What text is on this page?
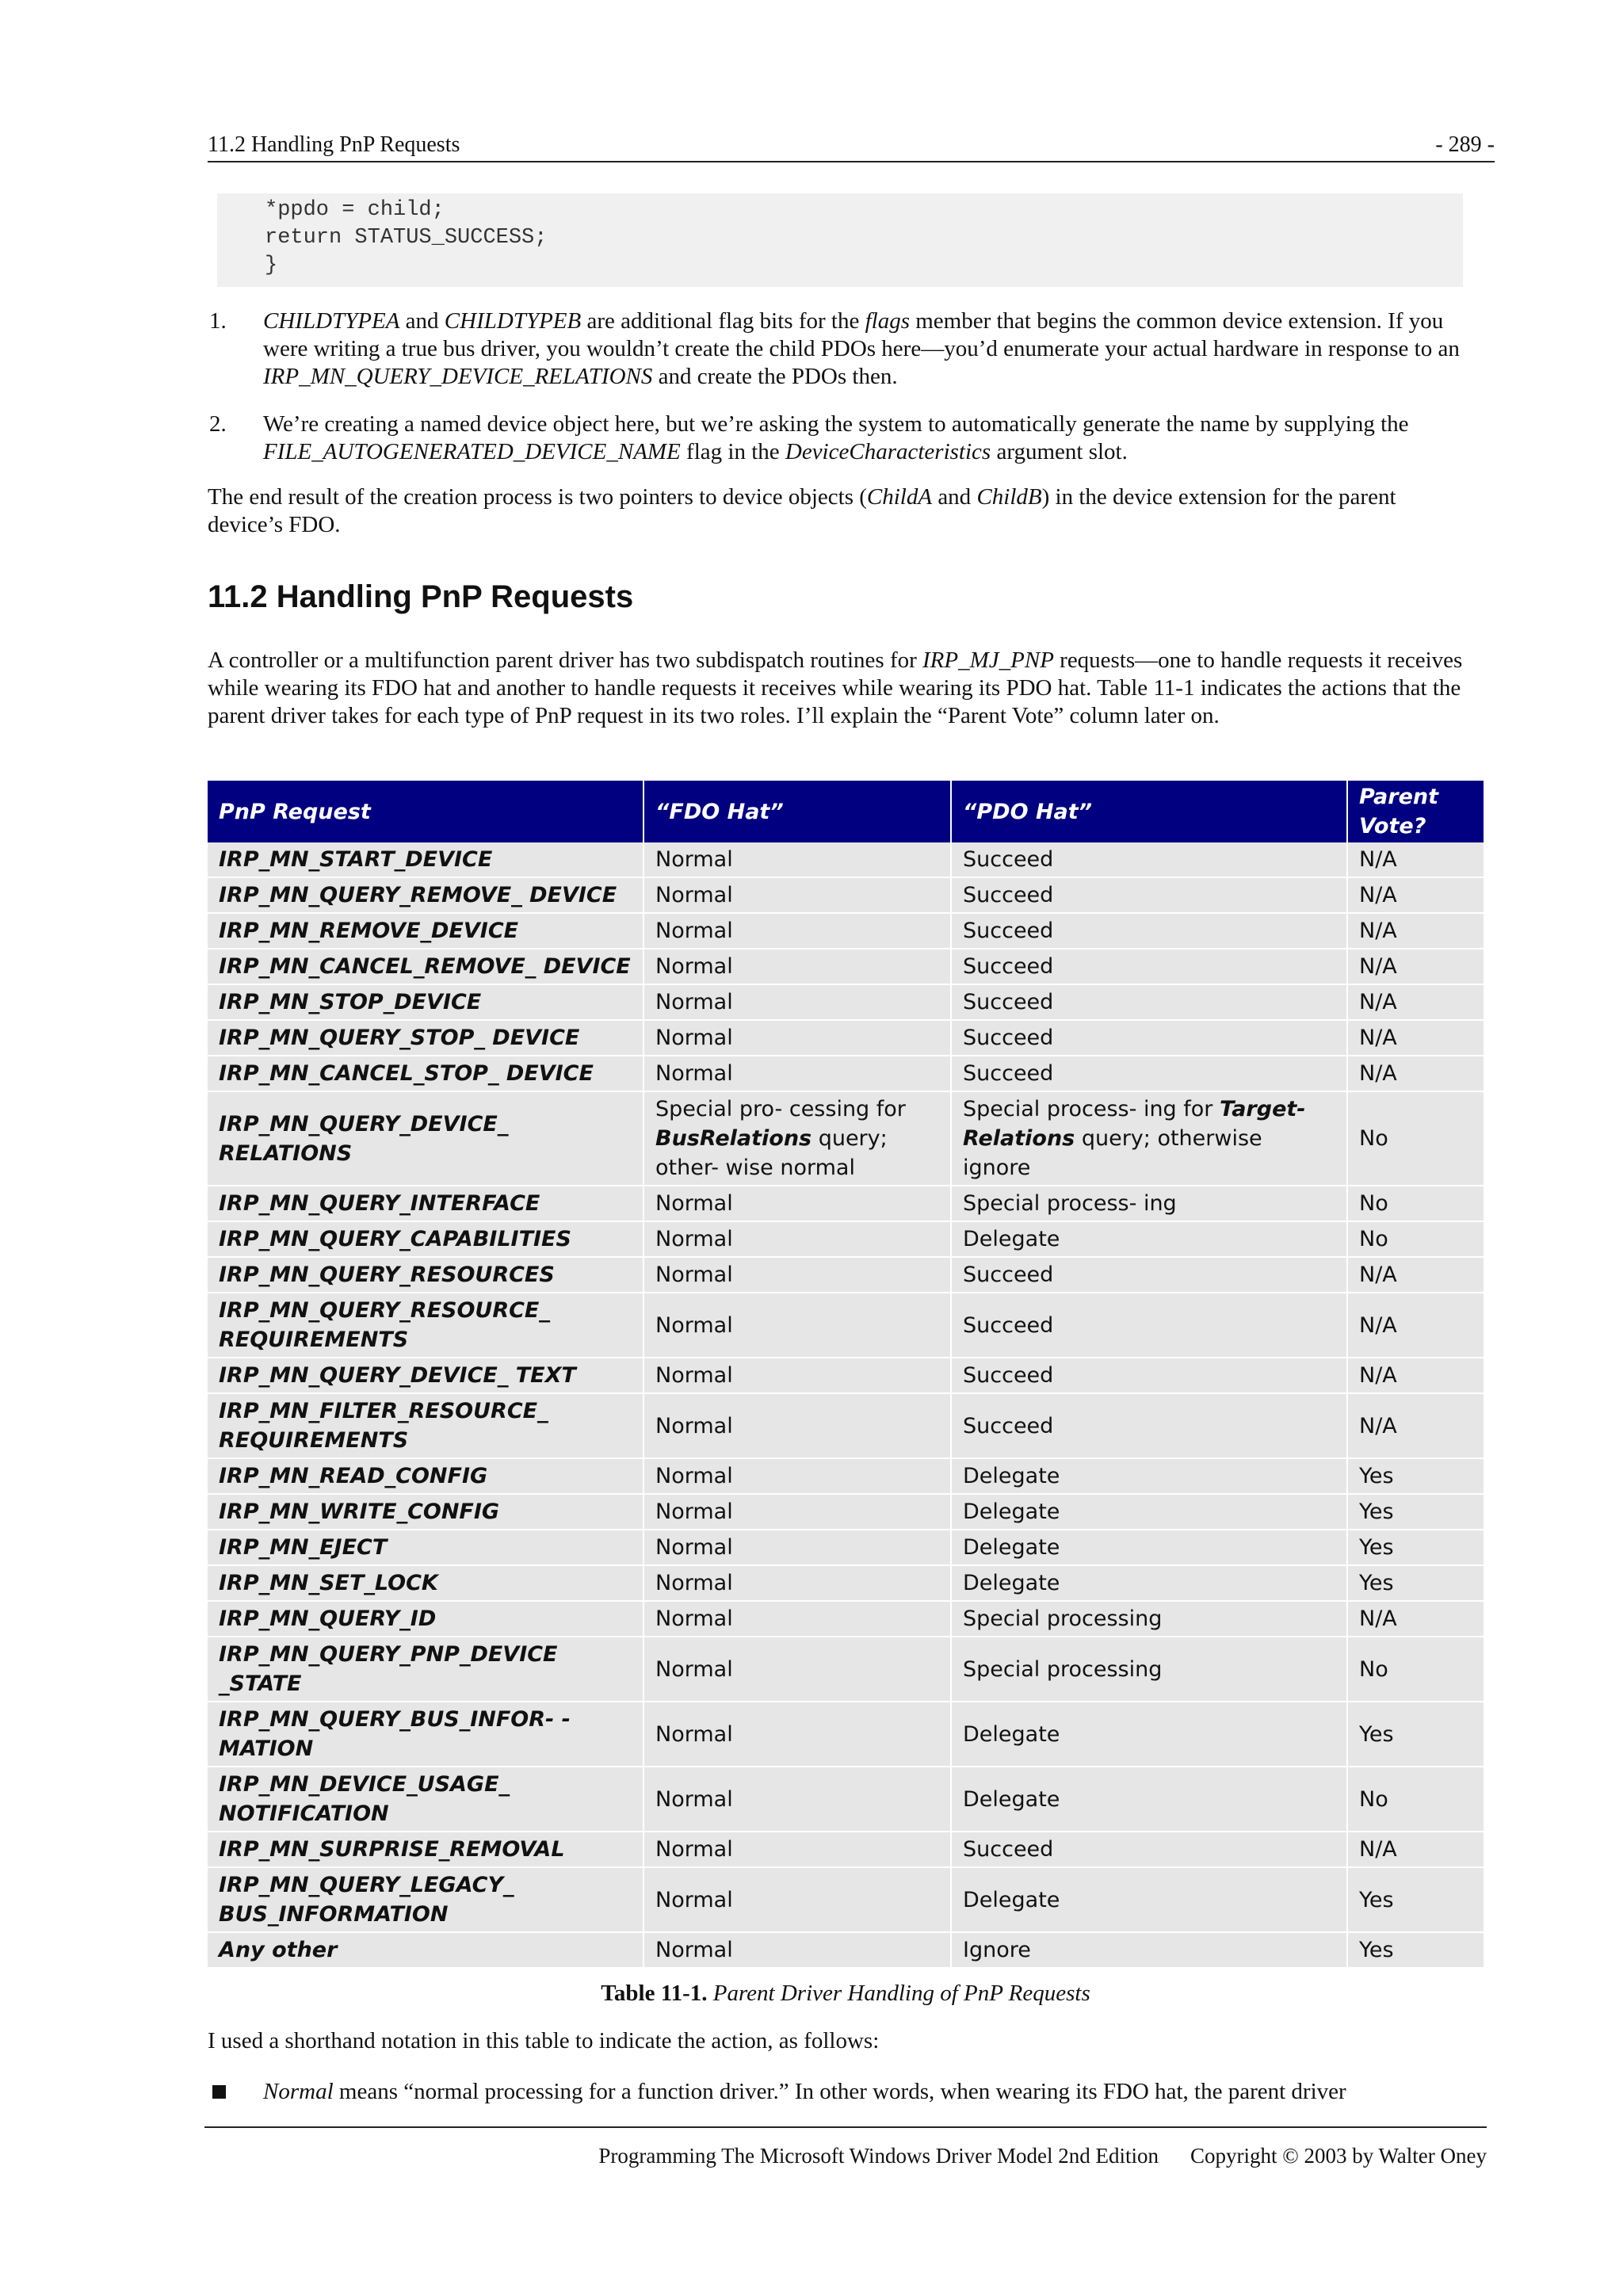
11.2 Handling PnP Requests	- 289 -
*ppdo = child;
return STATUS_SUCCESS;
}
1. CHILDTYPEA and CHILDTYPEB are additional flag bits for the flags member that begins the common device extension. If you were writing a true bus driver, you wouldn’t create the child PDOs here—you’d enumerate your actual hardware in response to an IRP_MN_QUERY_DEVICE_RELATIONS and create the PDOs then.
2. We’re creating a named device object here, but we’re asking the system to automatically generate the name by supplying the FILE_AUTOGENERATED_DEVICE_NAME flag in the DeviceCharacteristics argument slot.
The end result of the creation process is two pointers to device objects (ChildA and ChildB) in the device extension for the parent device’s FDO.
11.2 Handling PnP Requests
A controller or a multifunction parent driver has two subdispatch routines for IRP_MJ_PNP requests—one to handle requests it receives while wearing its FDO hat and another to handle requests it receives while wearing its PDO hat. Table 11-1 indicates the actions that the parent driver takes for each type of PnP request in its two roles. I’ll explain the “Parent Vote” column later on.
PnP Request	“FDO Hat”	“PDO Hat”	Parent Vote?
IRP_MN_START_DEVICE	Normal	Succeed	N/A
IRP_MN_QUERY_REMOVE_ DEVICE	Normal	Succeed	N/A
IRP_MN_REMOVE_DEVICE	Normal	Succeed	N/A
IRP_MN_CANCEL_REMOVE_ DEVICE	Normal	Succeed	N/A
IRP_MN_STOP_DEVICE	Normal	Succeed	N/A
IRP_MN_QUERY_STOP_ DEVICE	Normal	Succeed	N/A
IRP_MN_CANCEL_STOP_ DEVICE	Normal	Succeed	N/A
IRP_MN_QUERY_DEVICE_ RELATIONS	Special pro- cessing for BusRelations query; other- wise normal	Special process- ing for Target- Relations query; otherwise ignore	No
IRP_MN_QUERY_INTERFACE	Normal	Special process- ing	No
IRP_MN_QUERY_CAPABILITIES	Normal	Delegate	No
IRP_MN_QUERY_RESOURCES	Normal	Succeed	N/A
IRP_MN_QUERY_RESOURCE_ REQUIREMENTS	Normal	Succeed	N/A
IRP_MN_QUERY_DEVICE_ TEXT	Normal	Succeed	N/A
IRP_MN_FILTER_RESOURCE_ REQUIREMENTS	Normal	Succeed	N/A
IRP_MN_READ_CONFIG	Normal	Delegate	Yes
IRP_MN_WRITE_CONFIG	Normal	Delegate	Yes
IRP_MN_EJECT	Normal	Delegate	Yes
IRP_MN_SET_LOCK	Normal	Delegate	Yes
IRP_MN_QUERY_ID	Normal	Special processing	N/A
IRP_MN_QUERY_PNP_DEVICE _STATE	Normal	Special processing	No
IRP_MN_QUERY_BUS_INFOR- - MATION	Normal	Delegate	Yes
IRP_MN_DEVICE_USAGE_ NOTIFICATION	Normal	Delegate	No
IRP_MN_SURPRISE_REMOVAL	Normal	Succeed	N/A
IRP_MN_QUERY_LEGACY_ BUS_INFORMATION	Normal	Delegate	Yes
Any other	Normal	Ignore	Yes
Table 11-1. Parent Driver Handling of PnP Requests
I used a shorthand notation in this table to indicate the action, as follows:
Normal means “normal processing for a function driver.” In other words, when wearing its FDO hat, the parent driver
Programming The Microsoft Windows Driver Model 2nd Edition Copyright © 2003 by Walter Oney
